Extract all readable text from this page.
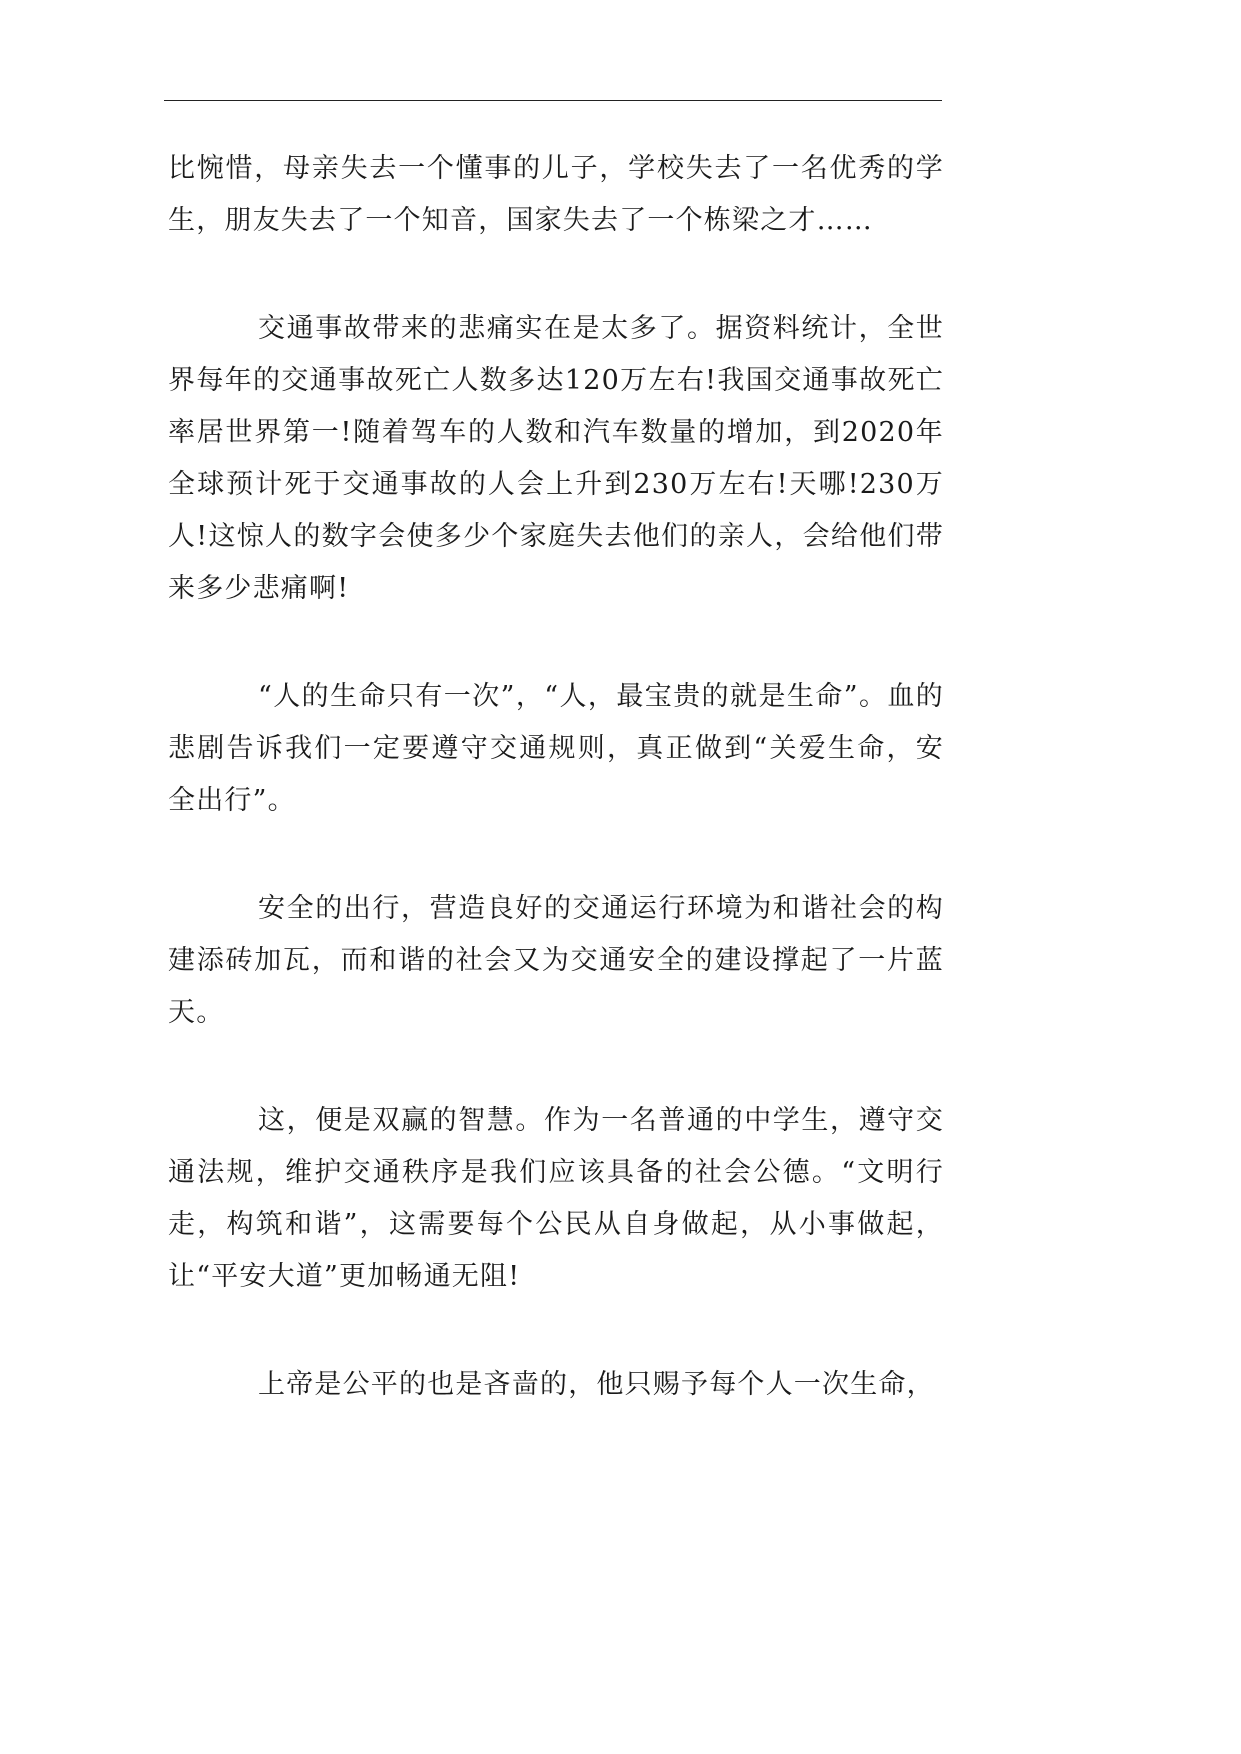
比惋惜，母亲失去一个懂事的儿子，学校失去了一名优秀的学生，朋友失去了一个知音，国家失去了一个栋梁之才……

交通事故带来的悲痛实在是太多了。据资料统计，全世界每年的交通事故死亡人数多达120万左右!我国交通事故死亡率居世界第一!随着驾车的人数和汽车数量的增加，到2020年全球预计死于交通事故的人会上升到230万左右!天哪!230万人!这惊人的数字会使多少个家庭失去他们的亲人，会给他们带来多少悲痛啊!

“人的生命只有一次”，“人，最宝贵的就是生命”。血的悲剧告诉我们一定要遵守交通规则，真正做到“关爱生命，安全出行”。

安全的出行，营造良好的交通运行环境为和谐社会的构建添砖加瓦，而和谐的社会又为交通安全的建设撑起了一片蓝天。

这，便是双赢的智慧。作为一名普通的中学生，遵守交通法规，维护交通秩序是我们应该具备的社会公德。“文明行走，构筑和谐”，这需要每个公民从自身做起，从小事做起，让“平安大道”更加畅通无阻!

上帝是公平的也是吝啬的，他只赐予每个人一次生命，
